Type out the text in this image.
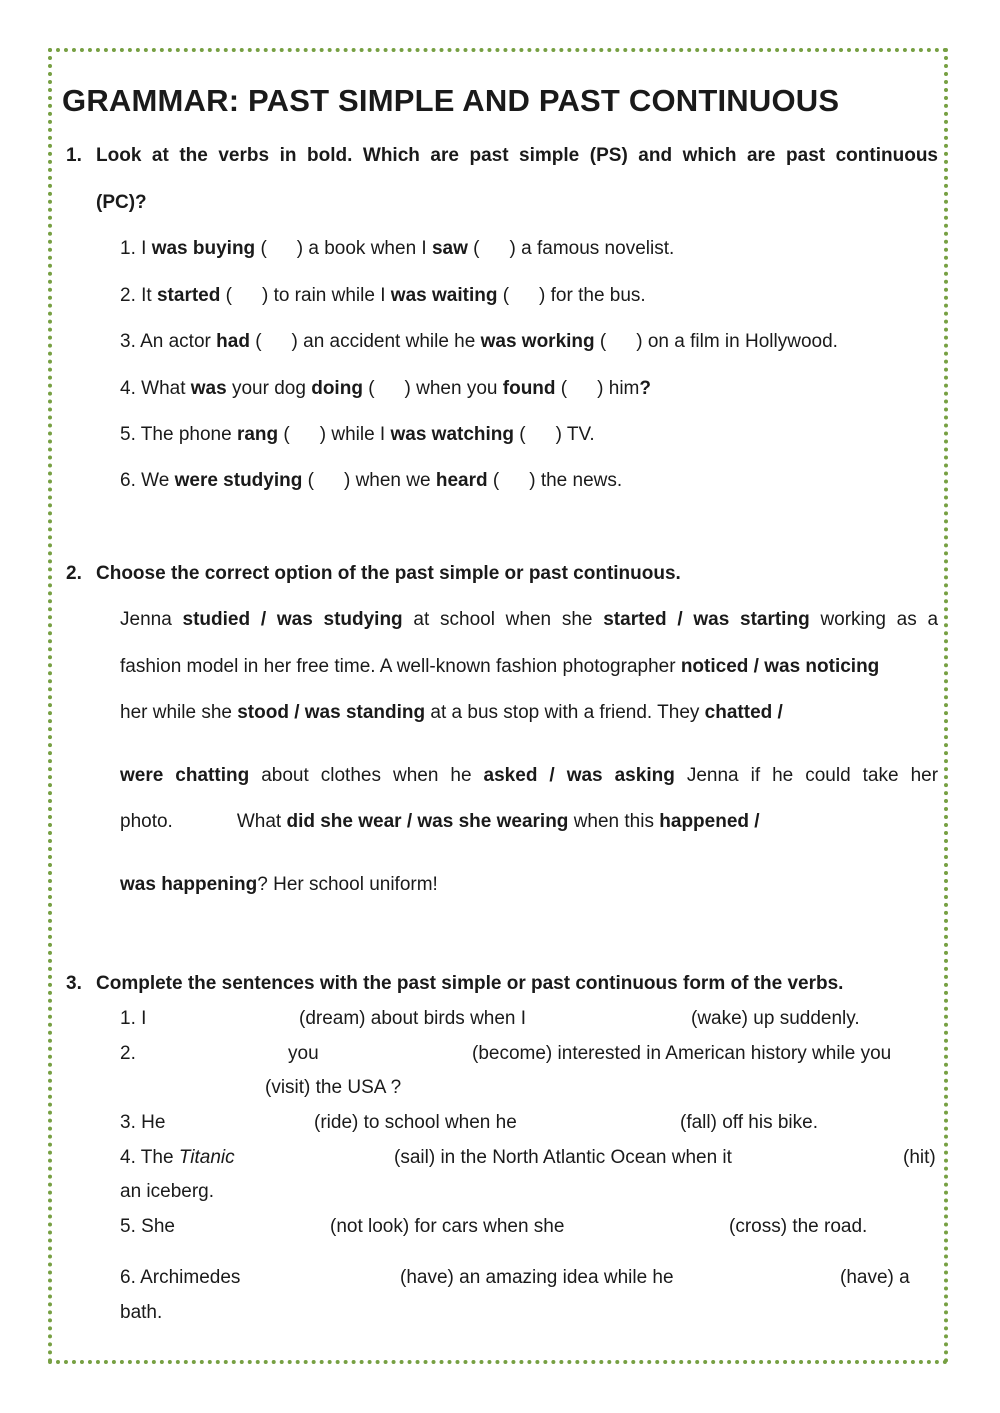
GRAMMAR: PAST SIMPLE AND PAST CONTINUOUS
1. Look at the verbs in bold. Which are past simple (PS) and which are past continuous
(PC)?
1. I was buying ( ) a book when I saw ( ) a famous novelist.
2. It started ( ) to rain while I was waiting ( ) for the bus.
3. An actor had ( ) an accident while he was working ( ) on a film in Hollywood.
4. What was your dog doing ( ) when you found ( ) him?
5. The phone rang ( ) while I was watching ( ) TV.
6. We were studying ( ) when we heard ( ) the news.
2. Choose the correct option of the past simple or past continuous.
Jenna studied / was studying at school when she started / was starting working as a
fashion model in her free time. A well-known fashion photographer noticed / was noticing
her while she stood / was standing at a bus stop with a friend. They chatted /
were chatting about clothes when he asked / was asking Jenna if he could take her
photo.	What did she wear / was she wearing when this happened /
was happening? Her school uniform!
3. Complete the sentences with the past simple or past continuous form of the verbs.
1. I	(dream) about birds when I	(wake) up suddenly.
2.	you	(become) interested in American history while you
(visit) the USA ?
3. He	(ride) to school when he	(fall) off his bike.
4. The Titanic	(sail) in the North Atlantic Ocean when it	(hit)
an iceberg.
5. She	(not look) for cars when she	(cross) the road.
6. Archimedes	(have) an amazing idea while he	(have) a
bath.
